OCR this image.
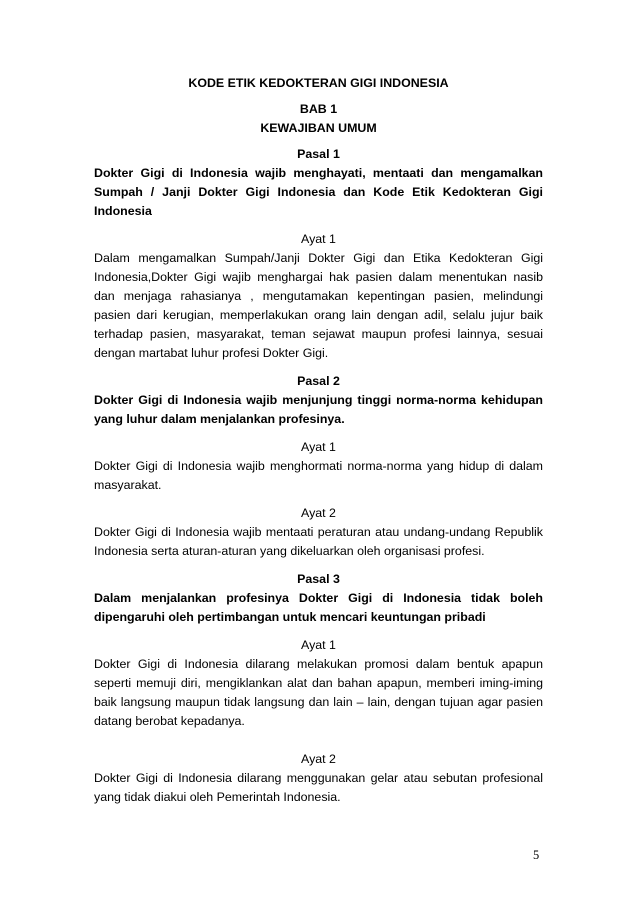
KODE ETIK KEDOKTERAN GIGI INDONESIA
BAB 1
KEWAJIBAN UMUM
Pasal 1
Dokter Gigi di Indonesia wajib menghayati, mentaati dan mengamalkan Sumpah / Janji Dokter Gigi Indonesia dan Kode Etik Kedokteran Gigi Indonesia
Ayat 1
Dalam mengamalkan Sumpah/Janji Dokter Gigi dan Etika Kedokteran Gigi Indonesia,Dokter Gigi wajib menghargai hak pasien dalam menentukan nasib dan menjaga rahasianya , mengutamakan kepentingan pasien, melindungi pasien dari kerugian, memperlakukan orang lain dengan adil, selalu jujur baik terhadap pasien, masyarakat, teman sejawat maupun profesi lainnya, sesuai dengan martabat luhur profesi Dokter Gigi.
Pasal 2
Dokter Gigi di Indonesia wajib menjunjung tinggi norma-norma kehidupan yang luhur dalam menjalankan profesinya.
Ayat 1
Dokter Gigi di Indonesia wajib menghormati norma-norma yang hidup di dalam masyarakat.
Ayat 2
Dokter Gigi di Indonesia wajib mentaati peraturan atau undang-undang Republik Indonesia serta aturan-aturan yang dikeluarkan oleh organisasi profesi.
Pasal 3
Dalam menjalankan profesinya Dokter Gigi di Indonesia tidak boleh dipengaruhi oleh pertimbangan untuk mencari keuntungan pribadi
Ayat 1
Dokter Gigi di Indonesia dilarang melakukan promosi dalam bentuk apapun seperti memuji diri, mengiklankan alat dan bahan apapun, memberi iming-iming baik langsung maupun tidak langsung dan lain – lain, dengan tujuan agar pasien datang berobat kepadanya.
Ayat 2
Dokter Gigi di Indonesia dilarang menggunakan gelar atau sebutan profesional yang tidak diakui oleh Pemerintah Indonesia.
5
